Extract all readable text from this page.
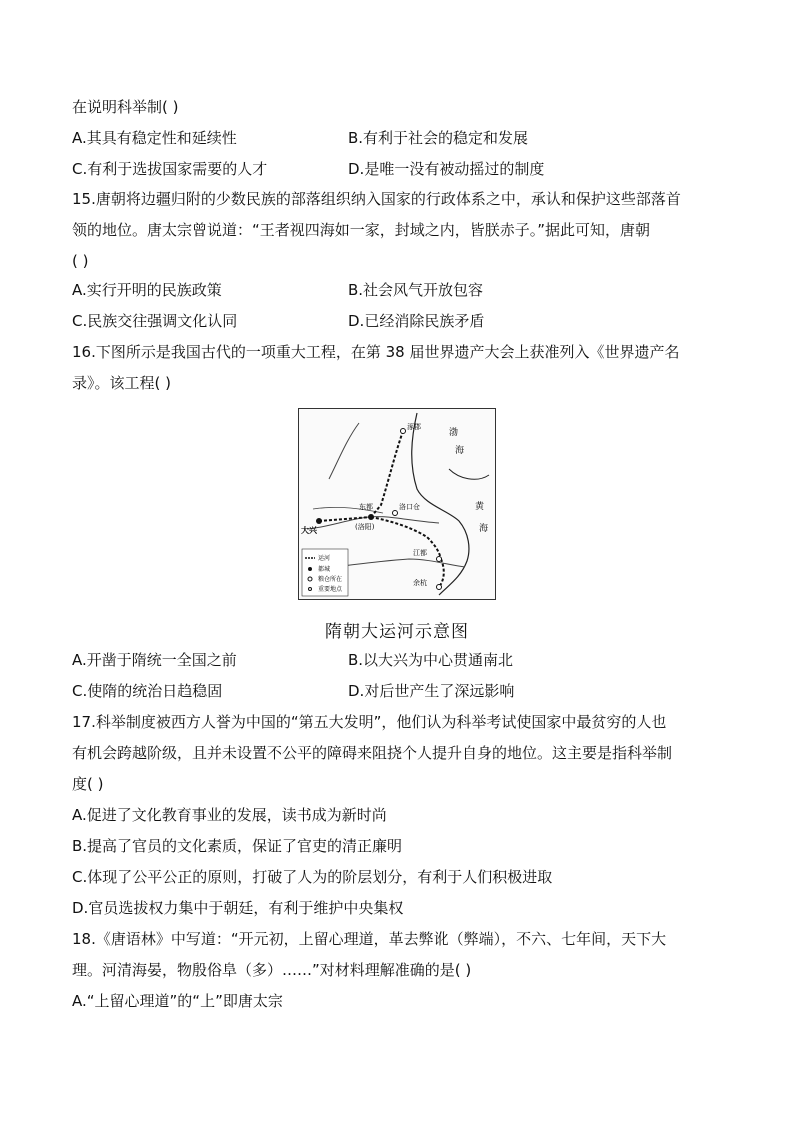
在说明科举制( )
A.其具有稳定性和延续性	B.有利于社会的稳定和发展
C.有利于选拔国家需要的人才	D.是唯一没有被动摇过的制度
15.唐朝将边疆归附的少数民族的部落组织纳入国家的行政体系之中，承认和保护这些部落首
领的地位。唐太宗曾说道：“王者视四海如一家，封域之内，皆朕赤子。”据此可知，唐朝
( )
A.实行开明的民族政策	B.社会风气开放包容
C.民族交往强调文化认同	D.已经消除民族矛盾
16.下图所示是我国古代的一项重大工程，在第 38 届世界遗产大会上获准列入《世界遗产名
录》。该工程( )
涿郡
大兴
东都
(洛阳)
洛口仓
江都
余杭
渤
海
黄
海
运河
都城
粮仓所在
重要地点
隋朝大运河示意图
A.开凿于隋统一全国之前	B.以大兴为中心贯通南北
C.使隋的统治日趋稳固	D.对后世产生了深远影响
17.科举制度被西方人誉为中国的“第五大发明”，他们认为科举考试使国家中最贫穷的人也
有机会跨越阶级，且并未设置不公平的障碍来阻挠个人提升自身的地位。这主要是指科举制
度( )
A.促进了文化教育事业的发展，读书成为新时尚
B.提高了官员的文化素质，保证了官吏的清正廉明
C.体现了公平公正的原则，打破了人为的阶层划分，有利于人们积极进取
D.官员选拔权力集中于朝廷，有利于维护中央集权
18.《唐语林》中写道：“开元初，上留心理道，革去弊讹（弊端），不六、七年间，天下大
理。河清海晏，物殷俗阜（多）……”对材料理解准确的是( )
A.“上留心理道”的“上”即唐太宗
